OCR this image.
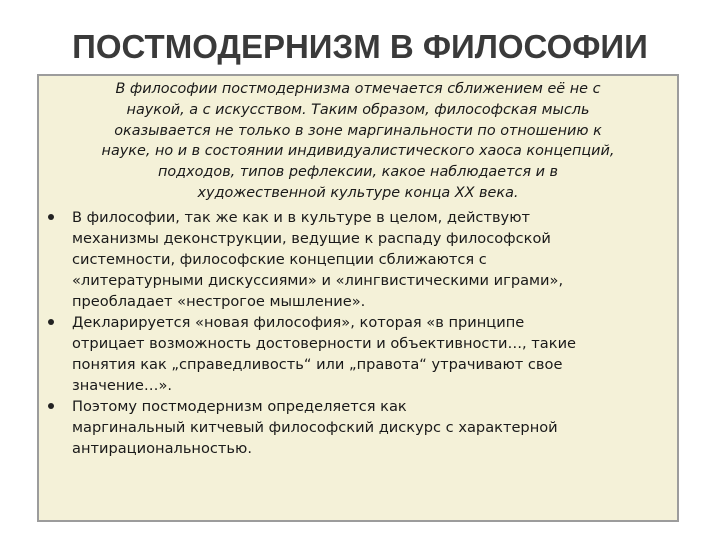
ПОСТМОДЕРНИЗМ В ФИЛОСОФИИ
В философии постмодернизма отмечается сближением её не с
наукой, а с искусством. Таким образом, философская мысль
оказывается не только в зоне маргинальности по отношению к
науке, но и в состоянии индивидуалистического хаоса концепций,
подходов, типов рефлексии, какое наблюдается и в
художественной культуре конца XX века.
В философии, так же как и в культуре в целом, действуют
механизмы деконструкции, ведущие к распаду философской
системности, философские концепции сближаются с
«литературными дискуссиями» и «лингвистическими играми»,
преобладает «нестрогое мышление».
Декларируется «новая философия», которая «в принципе
отрицает возможность достоверности и объективности…, такие
понятия как „справедливость“ или „правота“ утрачивают свое
значение…».
Поэтому постмодернизм определяется как
маргинальный китчевый философский дискурс с характерной
антирациональностью.
